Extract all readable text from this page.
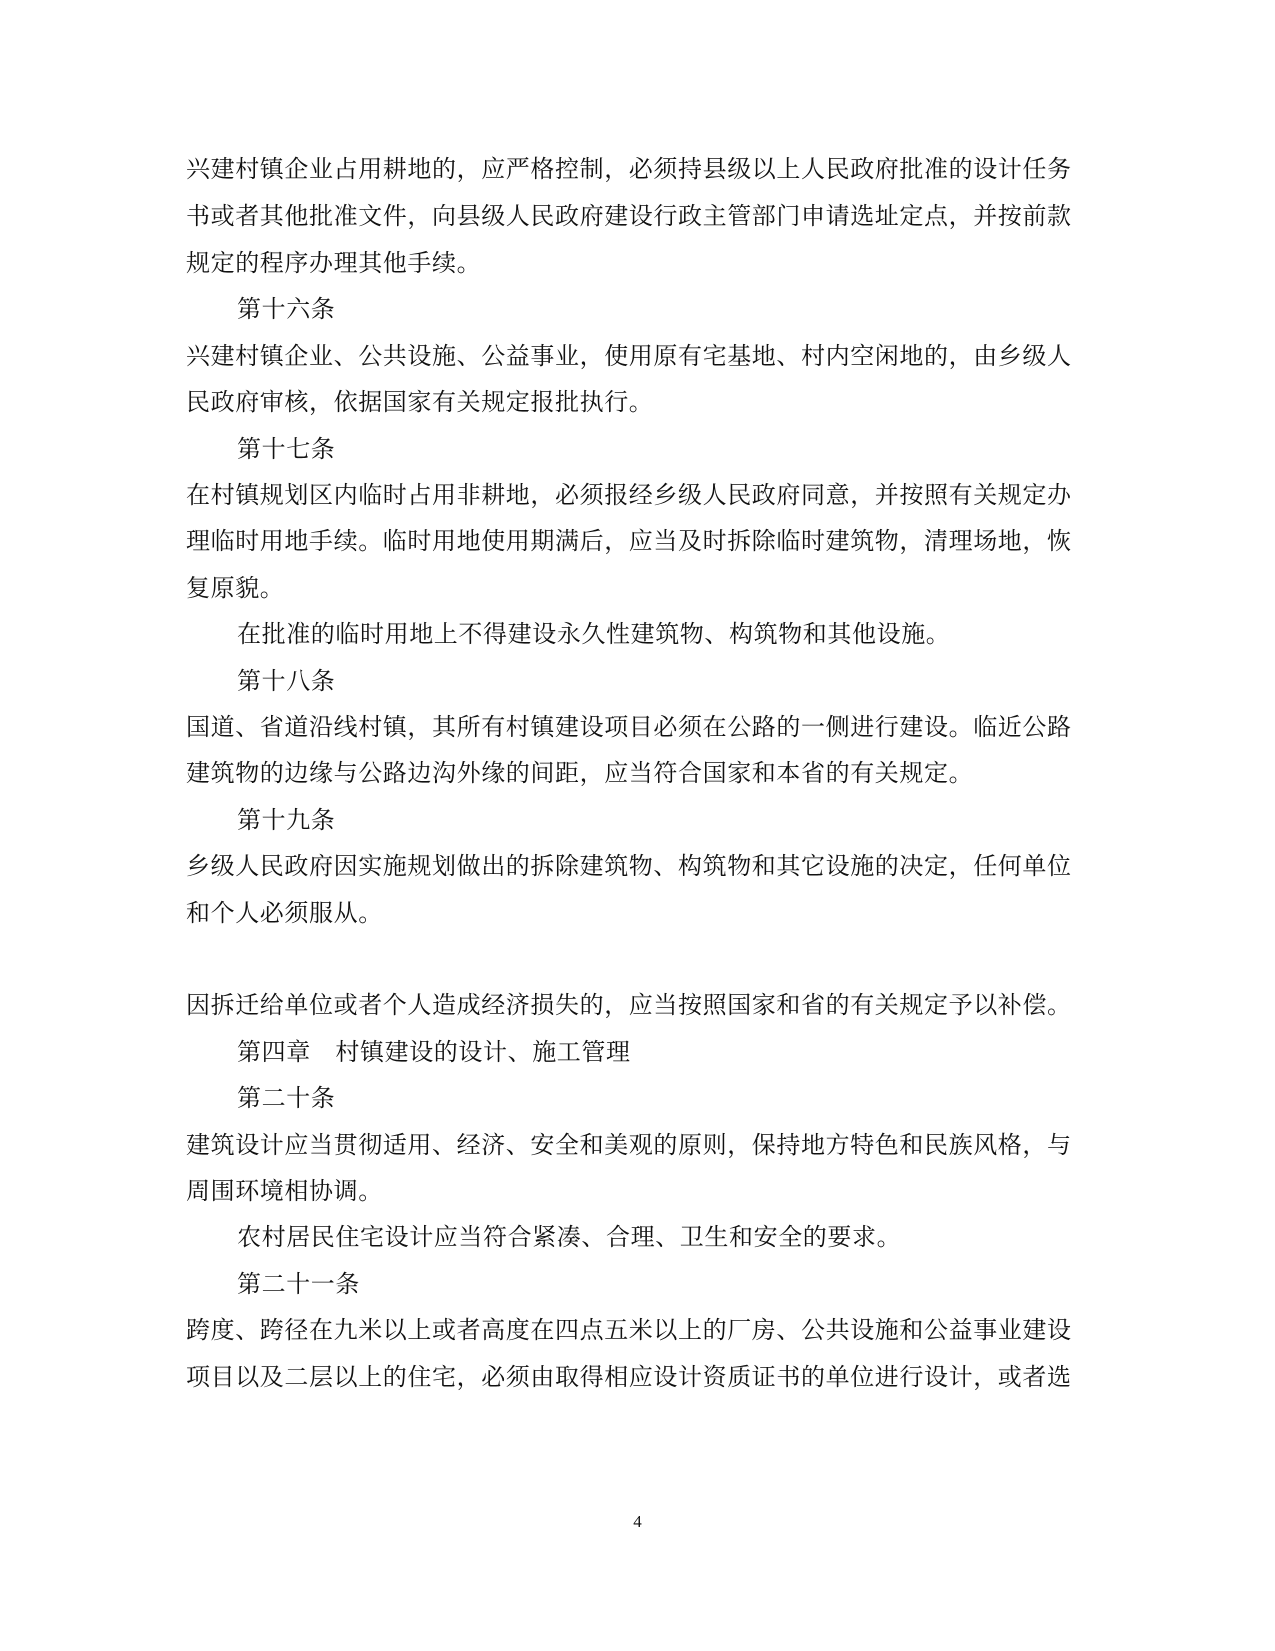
兴建村镇企业占用耕地的，应严格控制，必须持县级以上人民政府批准的设计任务
书或者其他批准文件，向县级人民政府建设行政主管部门申请选址定点，并按前款
规定的程序办理其他手续。
第十六条
兴建村镇企业、公共设施、公益事业，使用原有宅基地、村内空闲地的，由乡级人
民政府审核，依据国家有关规定报批执行。
第十七条
在村镇规划区内临时占用非耕地，必须报经乡级人民政府同意，并按照有关规定办
理临时用地手续。临时用地使用期满后，应当及时拆除临时建筑物，清理场地，恢
复原貌。
在批准的临时用地上不得建设永久性建筑物、构筑物和其他设施。
第十八条
国道、省道沿线村镇，其所有村镇建设项目必须在公路的一侧进行建设。临近公路
建筑物的边缘与公路边沟外缘的间距，应当符合国家和本省的有关规定。
第十九条
乡级人民政府因实施规划做出的拆除建筑物、构筑物和其它设施的决定，任何单位
和个人必须服从。
因拆迁给单位或者个人造成经济损失的，应当按照国家和省的有关规定予以补偿。
第四章　村镇建设的设计、施工管理
第二十条
建筑设计应当贯彻适用、经济、安全和美观的原则，保持地方特色和民族风格，与
周围环境相协调。
农村居民住宅设计应当符合紧凑、合理、卫生和安全的要求。
第二十一条
跨度、跨径在九米以上或者高度在四点五米以上的厂房、公共设施和公益事业建设
项目以及二层以上的住宅，必须由取得相应设计资质证书的单位进行设计，或者选
4
